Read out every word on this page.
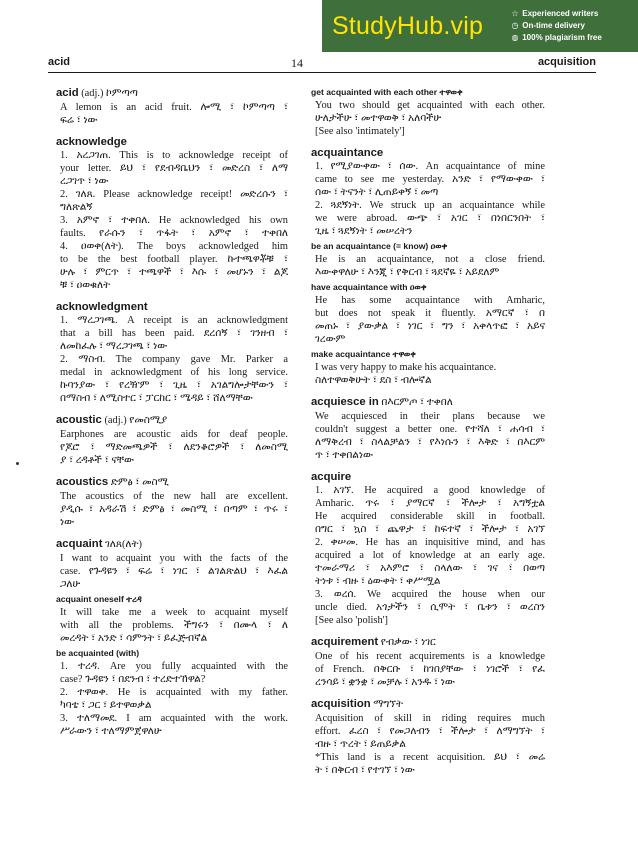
StudyHub.vip	☆ Experienced writers
◷ On-time delivery
◍ 100% plagiarism free
acid	14	acquisition
acid (adj.) ኮምጣጣ
A lemon is an acid fruit. ሎሚ ፣ ኮምጣጣ ፣
ፍሬ ፣ ነው
acknowledge
1. አረጋገጠ. This is to acknowledge receipt of
your letter. ይህ ፣ የደብዳቤህን ፣ መድረስ ፣ ለማ
ረጋገጥ ፣ ነው
2. ገለጸ. Please acknowledge receipt! መድረሱን ፣
ግለጽልኝ
3. አምኖ ፣ ተቀበለ. He acknowledged his own
faults. የራሱን ፣ ጥፋት ፣ አምኖ ፣ ተቀበለ
4. ዐወቀ(ለት). The boys acknowledged him
to be the best football player. ኩተጫዋቾቹ ፣
ሁሉ ፣ ምርጥ ፣ ተጫዋች ፣ እሱ ፣ መሆኑን ፣ ልጆ
ቹ ፣ ዐወቁለት
acknowledgment
1. ማረጋገጫ. A receipt is an acknowledgment
that a bill has been paid. ደረሰኝ ፣ ገንዘብ ፣
ለመከፈሉ ፣ ማረጋገጫ ፣ ነው
2. ማስብ. The company gave Mr. Parker a
medal in acknowledgment of his long service.
ኩባንያው ፣ የረዥም ፣ ጊዜ ፣ አገልግሎታቸውን ፣
በማስብ ፣ ለሚስተር ፣ ፓርከር ፣ ሜዳይ ፣ ሸለማቸው
acoustic (adj.) የመስሚያ
Earphones are acoustic aids for deaf people.
የጆሮ ፣ ማድመጫዎች ፣ ለደንቆሮዎች ፣ ለመስሚ
ያ ፣ ረዳቶች ፣ ናቸው
acoustics ድምፅ ፣ መስሚ
The acoustics of the new hall are excellent.
ያዲሱ ፣ አዳራሽ ፣ ድምፅ ፣ መስሚ ፣ በጣም ፣ ጥሩ ፣
ነው
acquaint ገለጸ(ለት)
I want to acquaint you with the facts of the
case. የጉዳዩን ፣ ፍሬ ፣ ነገር ፣ ልገልጽልህ ፣ እፈል
ጋለሁ
acquaint oneself ተረዳ
It will take me a week to acquaint myself
with all the problems. ችግሩን ፣ በሙላ ፣ ለ
መረዳት ፣ አንድ ፣ ሳምንት ፣ ይፈጅብኛል
be acquainted (with)
1. ተረዳ. Are you fully acquainted with the
case? ጉዳዩን ፣ በደንብ ፣ ተረድተኸዋል?
2. ተዋወቀ. He is acquainted with my father.
ካባቴ ፣ ጋር ፣ ይተዋወቃል
3. ተለማመደ. I am acquainted with the work.
ሥራውን ፣ ተለማምጀዋለሁ
get acquainted with each other ተዋወቀ
You two should get acquainted with each other.
ሁለታችሁ ፣ መተዋወቅ ፣ አለባችሁ
[See also 'intimately']
acquaintance
1. የሚያውቀው ፣ ሰው. An acquaintance of mine
came to see me yesterday. አንድ ፣ የማውቀው ፣
ሰው ፣ ትናንት ፣ ሊጠይቀኝ ፣ መጣ
2. ጓደኝነት. We struck up an acquaintance while
we were abroad. ውጭ ፣ አገር ፣ በነበርንበት ፣
ጊዜ ፣ ጓደኝነት ፣ መሠረትን
be an acquaintance (= know) ዐወቀ
He is an acquaintance, not a close friend.
እውቀዋለሁ ፣ እንጂ ፣ የቅርብ ፣ ጓደኛዬ ፣ አይደለም
have acquaintance with ዐወቀ
He has some acquaintance with Amharic,
but does not speak it fluently. አማርኛ ፣ በ
መጠኑ ፣ ያውቃል ፣ ነገር ፣ ግን ፣ አቀላጥፎ ፣ አይና
ገረውም
make acquaintance ተዋወቀ
I was very happy to make his acquaintance.
ስለተዋወቅሁት ፣ ደስ ፣ ብሎኛል
acquiesce in በእርምጦ ፣ ተቀበለ
We acquiesced in their plans because we
couldn't suggest a better one. የተሻለ ፣ ሐሳብ ፣
ለማቅረብ ፣ ስላልቻልን ፣ የእነሱን ፣ እቅድ ፣ በእርም
ጥ ፣ ተቀበልነው
acquire
1. አገኘ. He acquired a good knowledge of
Amharic. ጥሩ ፣ ያማርኛ ፣ ችሎታ ፣ አግኝቷል
He acquired considerable skill in football.
በግር ፣ ኳስ ፣ ጨዋታ ፣ ከፍተኛ ፣ ችሎታ ፣ አገኘ
2. ቀሠመ. He has an inquisitive mind, and has
acquired a lot of knowledge at an early age.
ተመራማሪ ፣ አእምሮ ፣ ስላለው ፣ ገና ፣ በወጣ
ትነቱ ፣ ብዙ ፣ ዕውቀት ፣ ቀሥሟል
3. ወረሰ. We acquired the house when our
uncle died. አጎታችን ፣ ሲሞት ፣ ቤቱን ፣ ወረስን
[See also 'polish']
acquirement የብቃው ፣ ነገር
One of his recent acquirements is a knowledge
of French. በቅርቡ ፣ ከገበያቸው ፣ ነገሮች ፣ የፈ
ረንሳይ ፣ ቋንቋ ፣ መቻሉ ፣ አንዱ ፣ ነው
acquisition ማግኘት
Acquisition of skill in riding requires much
effort. ፈረስ ፣ የመጋለብን ፣ ችሎታ ፣ ለማግኘት ፣
ብዙ ፣ ጥረት ፣ ይጠይቃል
*This land is a recent acquisition. ይህ ፣ መሬ
ት ፣ በቅርብ ፣ የተገኘ ፣ ነው
